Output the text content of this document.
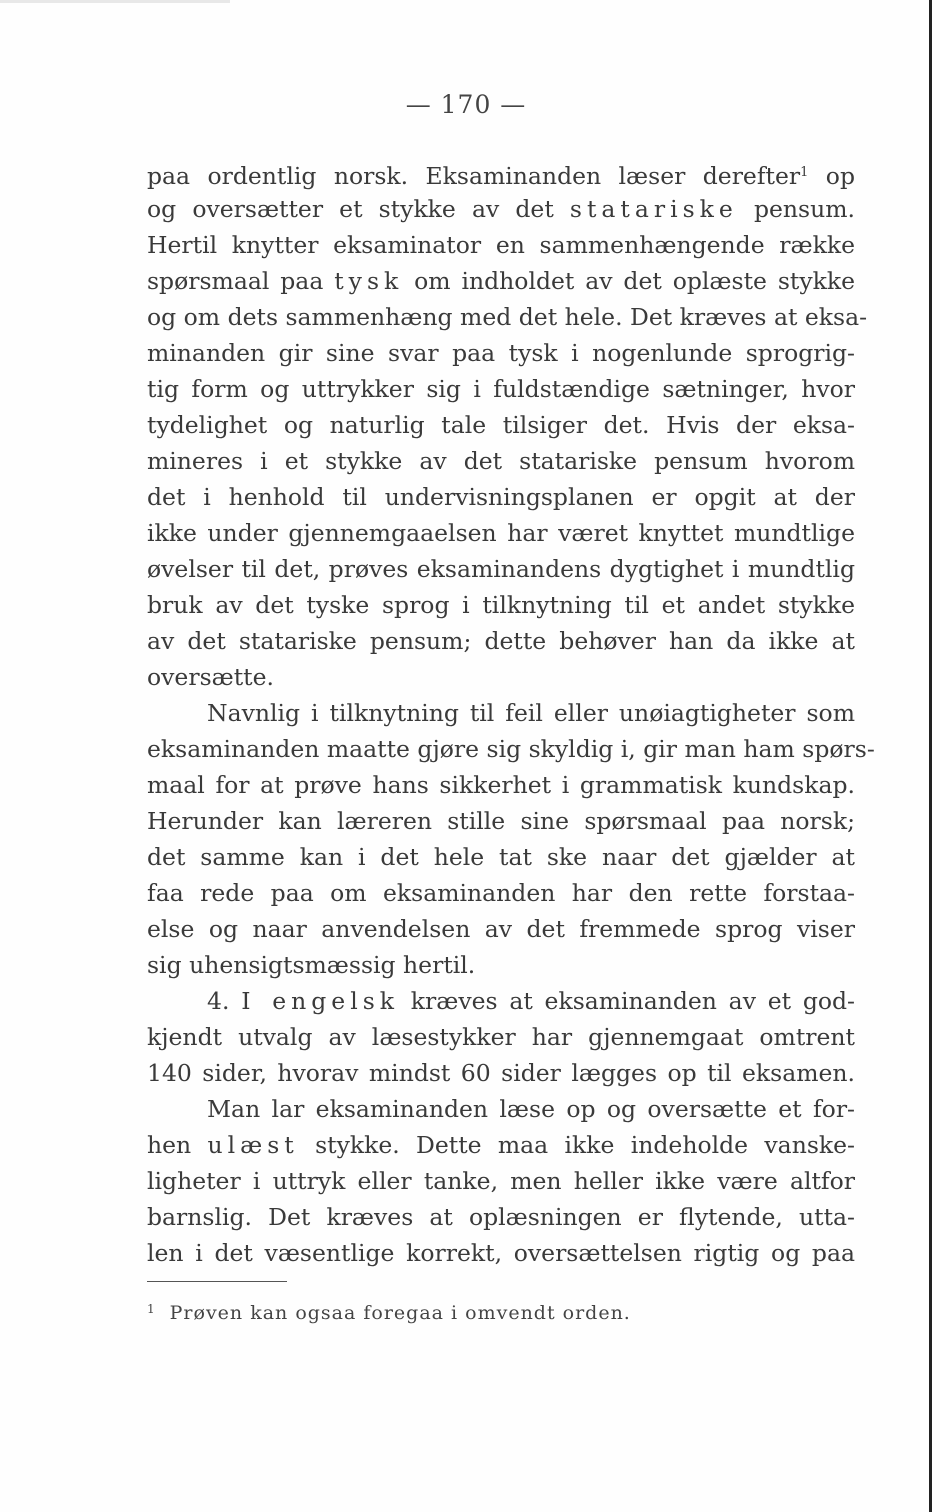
— 170 —
paa ordentlig norsk. Eksaminanden læser derefter$^1$ op
og oversætter et stykke av det statariske pensum.
Hertil knytter eksaminator en sammenhængende række
spørsmaal paa tysk om indholdet av det oplæste stykke
og om dets sammenhæng med det hele. Det kræves at eksa-
minanden gir sine svar paa tysk i nogenlunde sprogrig-
tig form og uttrykker sig i fuldstændige sætninger, hvor
tydelighet og naturlig tale tilsiger det. Hvis der eksa-
mineres i et stykke av det statariske pensum hvorom
det i henhold til undervisningsplanen er opgit at der
ikke under gjennemgaaelsen har været knyttet mundtlige
øvelser til det, prøves eksaminandens dygtighet i mundtlig
bruk av det tyske sprog i tilknytning til et andet stykke
av det statariske pensum; dette behøver han da ikke at
oversætte.
Navnlig i tilknytning til feil eller unøiagtigheter som
eksaminanden maatte gjøre sig skyldig i, gir man ham spørs-
maal for at prøve hans sikkerhet i grammatisk kundskap.
Herunder kan læreren stille sine spørsmaal paa norsk;
det samme kan i det hele tat ske naar det gjælder at
faa rede paa om eksaminanden har den rette forstaa-
else og naar anvendelsen av det fremmede sprog viser
sig uhensigtsmæssig hertil.
4. I engelsk kræves at eksaminanden av et god-
kjendt utvalg av læsestykker har gjennemgaat omtrent
140 sider, hvorav mindst 60 sider lægges op til eksamen.
Man lar eksaminanden læse op og oversætte et for-
hen ulæst stykke. Dette maa ikke indeholde vanske-
ligheter i uttryk eller tanke, men heller ikke være altfor
barnslig. Det kræves at oplæsningen er flytende, utta-
len i det væsentlige korrekt, oversættelsen rigtig og paa
$^1$ Prøven kan ogsaa foregaa i omvendt orden.
